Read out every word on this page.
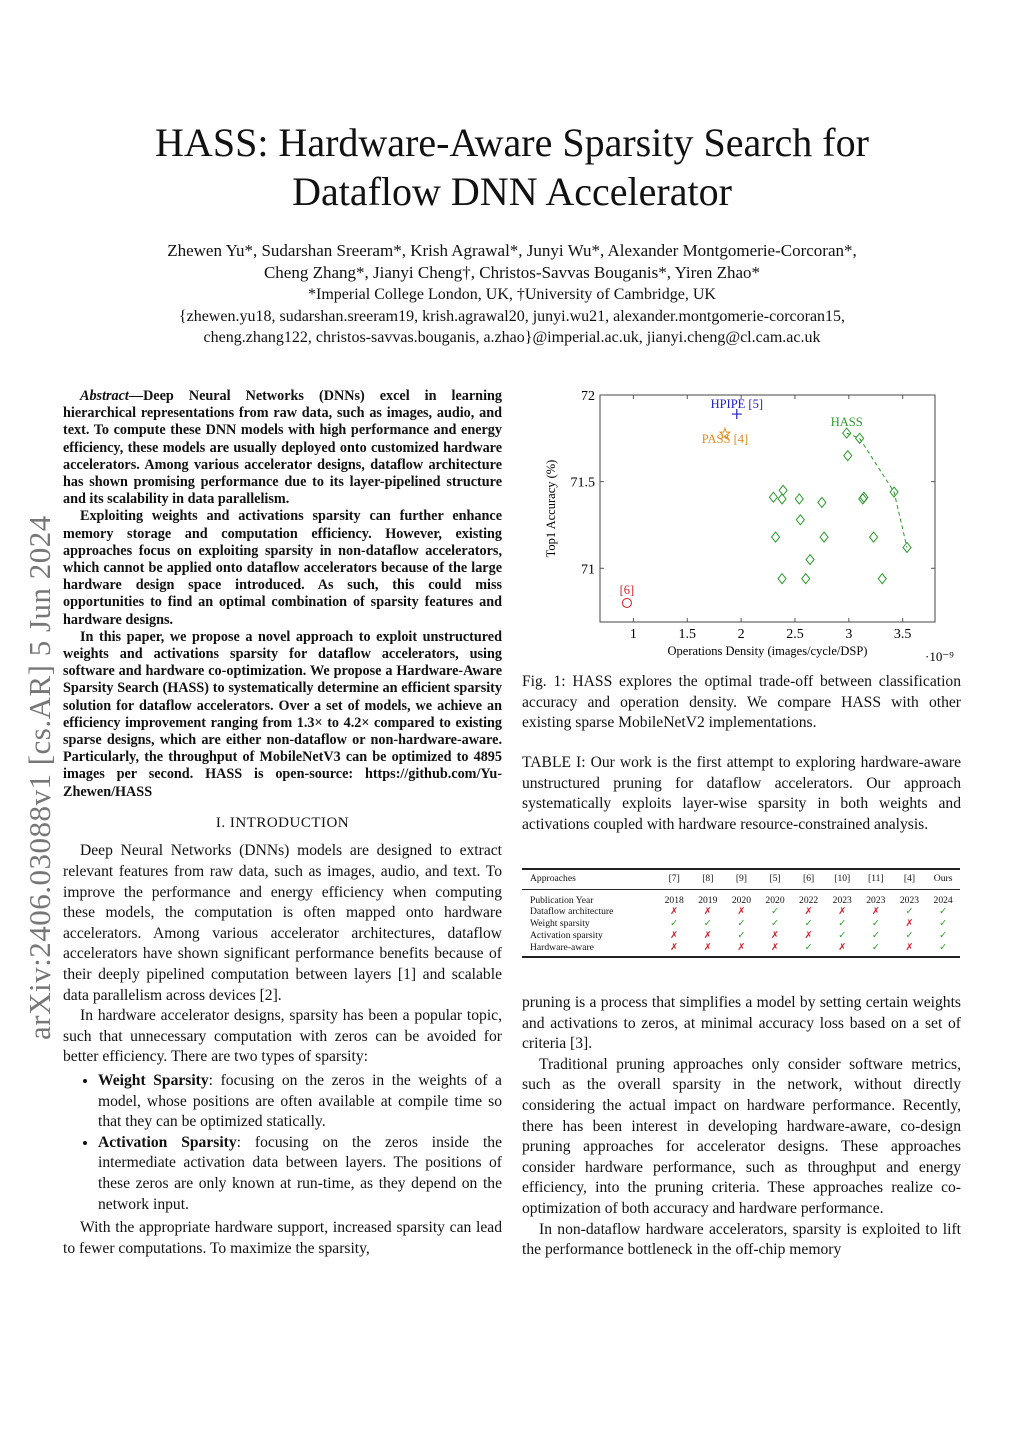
arXiv:2406.03088v1 [cs.AR] 5 Jun 2024
HASS: Hardware-Aware Sparsity Search for
Dataflow DNN Accelerator
Zhewen Yu*, Sudarshan Sreeram*, Krish Agrawal*, Junyi Wu*, Alexander Montgomerie-Corcoran*,
Cheng Zhang*, Jianyi Cheng†, Christos-Savvas Bouganis*, Yiren Zhao*
*Imperial College London, UK, †University of Cambridge, UK
{zhewen.yu18, sudarshan.sreeram19, krish.agrawal20, junyi.wu21, alexander.montgomerie-corcoran15,
cheng.zhang122, christos-savvas.bouganis, a.zhao}@imperial.ac.uk, jianyi.cheng@cl.cam.ac.uk

Abstract—Deep Neural Networks (DNNs) excel in learning hierarchical representations from raw data, such as images, audio, and text. To compute these DNN models with high performance and energy efficiency, these models are usually deployed onto customized hardware accelerators. Among various accelerator designs, dataflow architecture has shown promising performance due to its layer-pipelined structure and its scalability in data parallelism.

Exploiting weights and activations sparsity can further enhance memory storage and computation efficiency. However, existing approaches focus on exploiting sparsity in non-dataflow accelerators, which cannot be applied onto dataflow accelerators because of the large hardware design space introduced. As such, this could miss opportunities to find an optimal combination of sparsity features and hardware designs.

In this paper, we propose a novel approach to exploit unstructured weights and activations sparsity for dataflow accelerators, using software and hardware co-optimization. We propose a Hardware-Aware Sparsity Search (HASS) to systematically determine an efficient sparsity solution for dataflow accelerators. Over a set of models, we achieve an efficiency improvement ranging from 1.3× to 4.2× compared to existing sparse designs, which are either non-dataflow or non-hardware-aware. Particularly, the throughput of MobileNetV3 can be optimized to 4895 images per second. HASS is open-source: https://github.com/Yu-Zhewen/HASS

I. INTRODUCTION

Deep Neural Networks (DNNs) models are designed to extract relevant features from raw data, such as images, audio, and text. To improve the performance and energy efficiency when computing these models, the computation is often mapped onto hardware accelerators. Among various accelerator architectures, dataflow accelerators have shown significant performance benefits because of their deeply pipelined computation between layers [1] and scalable data parallelism across devices [2].

In hardware accelerator designs, sparsity has been a popular topic, such that unnecessary computation with zeros can be avoided for better efficiency. There are two types of sparsity:

• Weight Sparsity: focusing on the zeros in the weights of a model, whose positions are often available at compile time so that they can be optimized statically.
• Activation Sparsity: focusing on the zeros inside the intermediate activation data between layers. The positions of these zeros are only known at run-time, as they depend on the network input.

With the appropriate hardware support, increased sparsity can lead to fewer computations. To maximize the sparsity,

1	1.5	2	2.5	3	3.5
71
71.5
72
Operations Density (images/cycle/DSP)	·10⁻⁹
Top1 Accuracy (%)
HPIPE [5]
PASS [4]
[6]
HASS
Fig. 1: HASS explores the optimal trade-off between classification accuracy and operation density. We compare HASS with other existing sparse MobileNetV2 implementations.
TABLE I: Our work is the first attempt to exploring hardware-aware unstructured pruning for dataflow accelerators. Our approach systematically exploits layer-wise sparsity in both weights and activations coupled with hardware resource-constrained analysis.
Approaches	[7]	[8]	[9]	[5]	[6]	[10]	[11]	[4]	Ours
Publication Year	2018	2019	2020	2020	2022	2023	2023	2023	2024
Dataflow architecture	✗	✗	✗	✓	✗	✗	✗	✓	✓
Weight sparsity	✓	✓	✓	✓	✓	✓	✓	✗	✓
Activation sparsity	✗	✗	✓	✗	✗	✓	✓	✓	✓
Hardware-aware	✗	✗	✗	✗	✓	✗	✓	✗	✓

pruning is a process that simplifies a model by setting certain weights and activations to zeros, at minimal accuracy loss based on a set of criteria [3].

Traditional pruning approaches only consider software metrics, such as the overall sparsity in the network, without directly considering the actual impact on hardware performance. Recently, there has been interest in developing hardware-aware, co-design pruning approaches for accelerator designs. These approaches consider hardware performance, such as throughput and energy efficiency, into the pruning criteria. These approaches realize co-optimization of both accuracy and hardware performance.

In non-dataflow hardware accelerators, sparsity is exploited to lift the performance bottleneck in the off-chip memory
